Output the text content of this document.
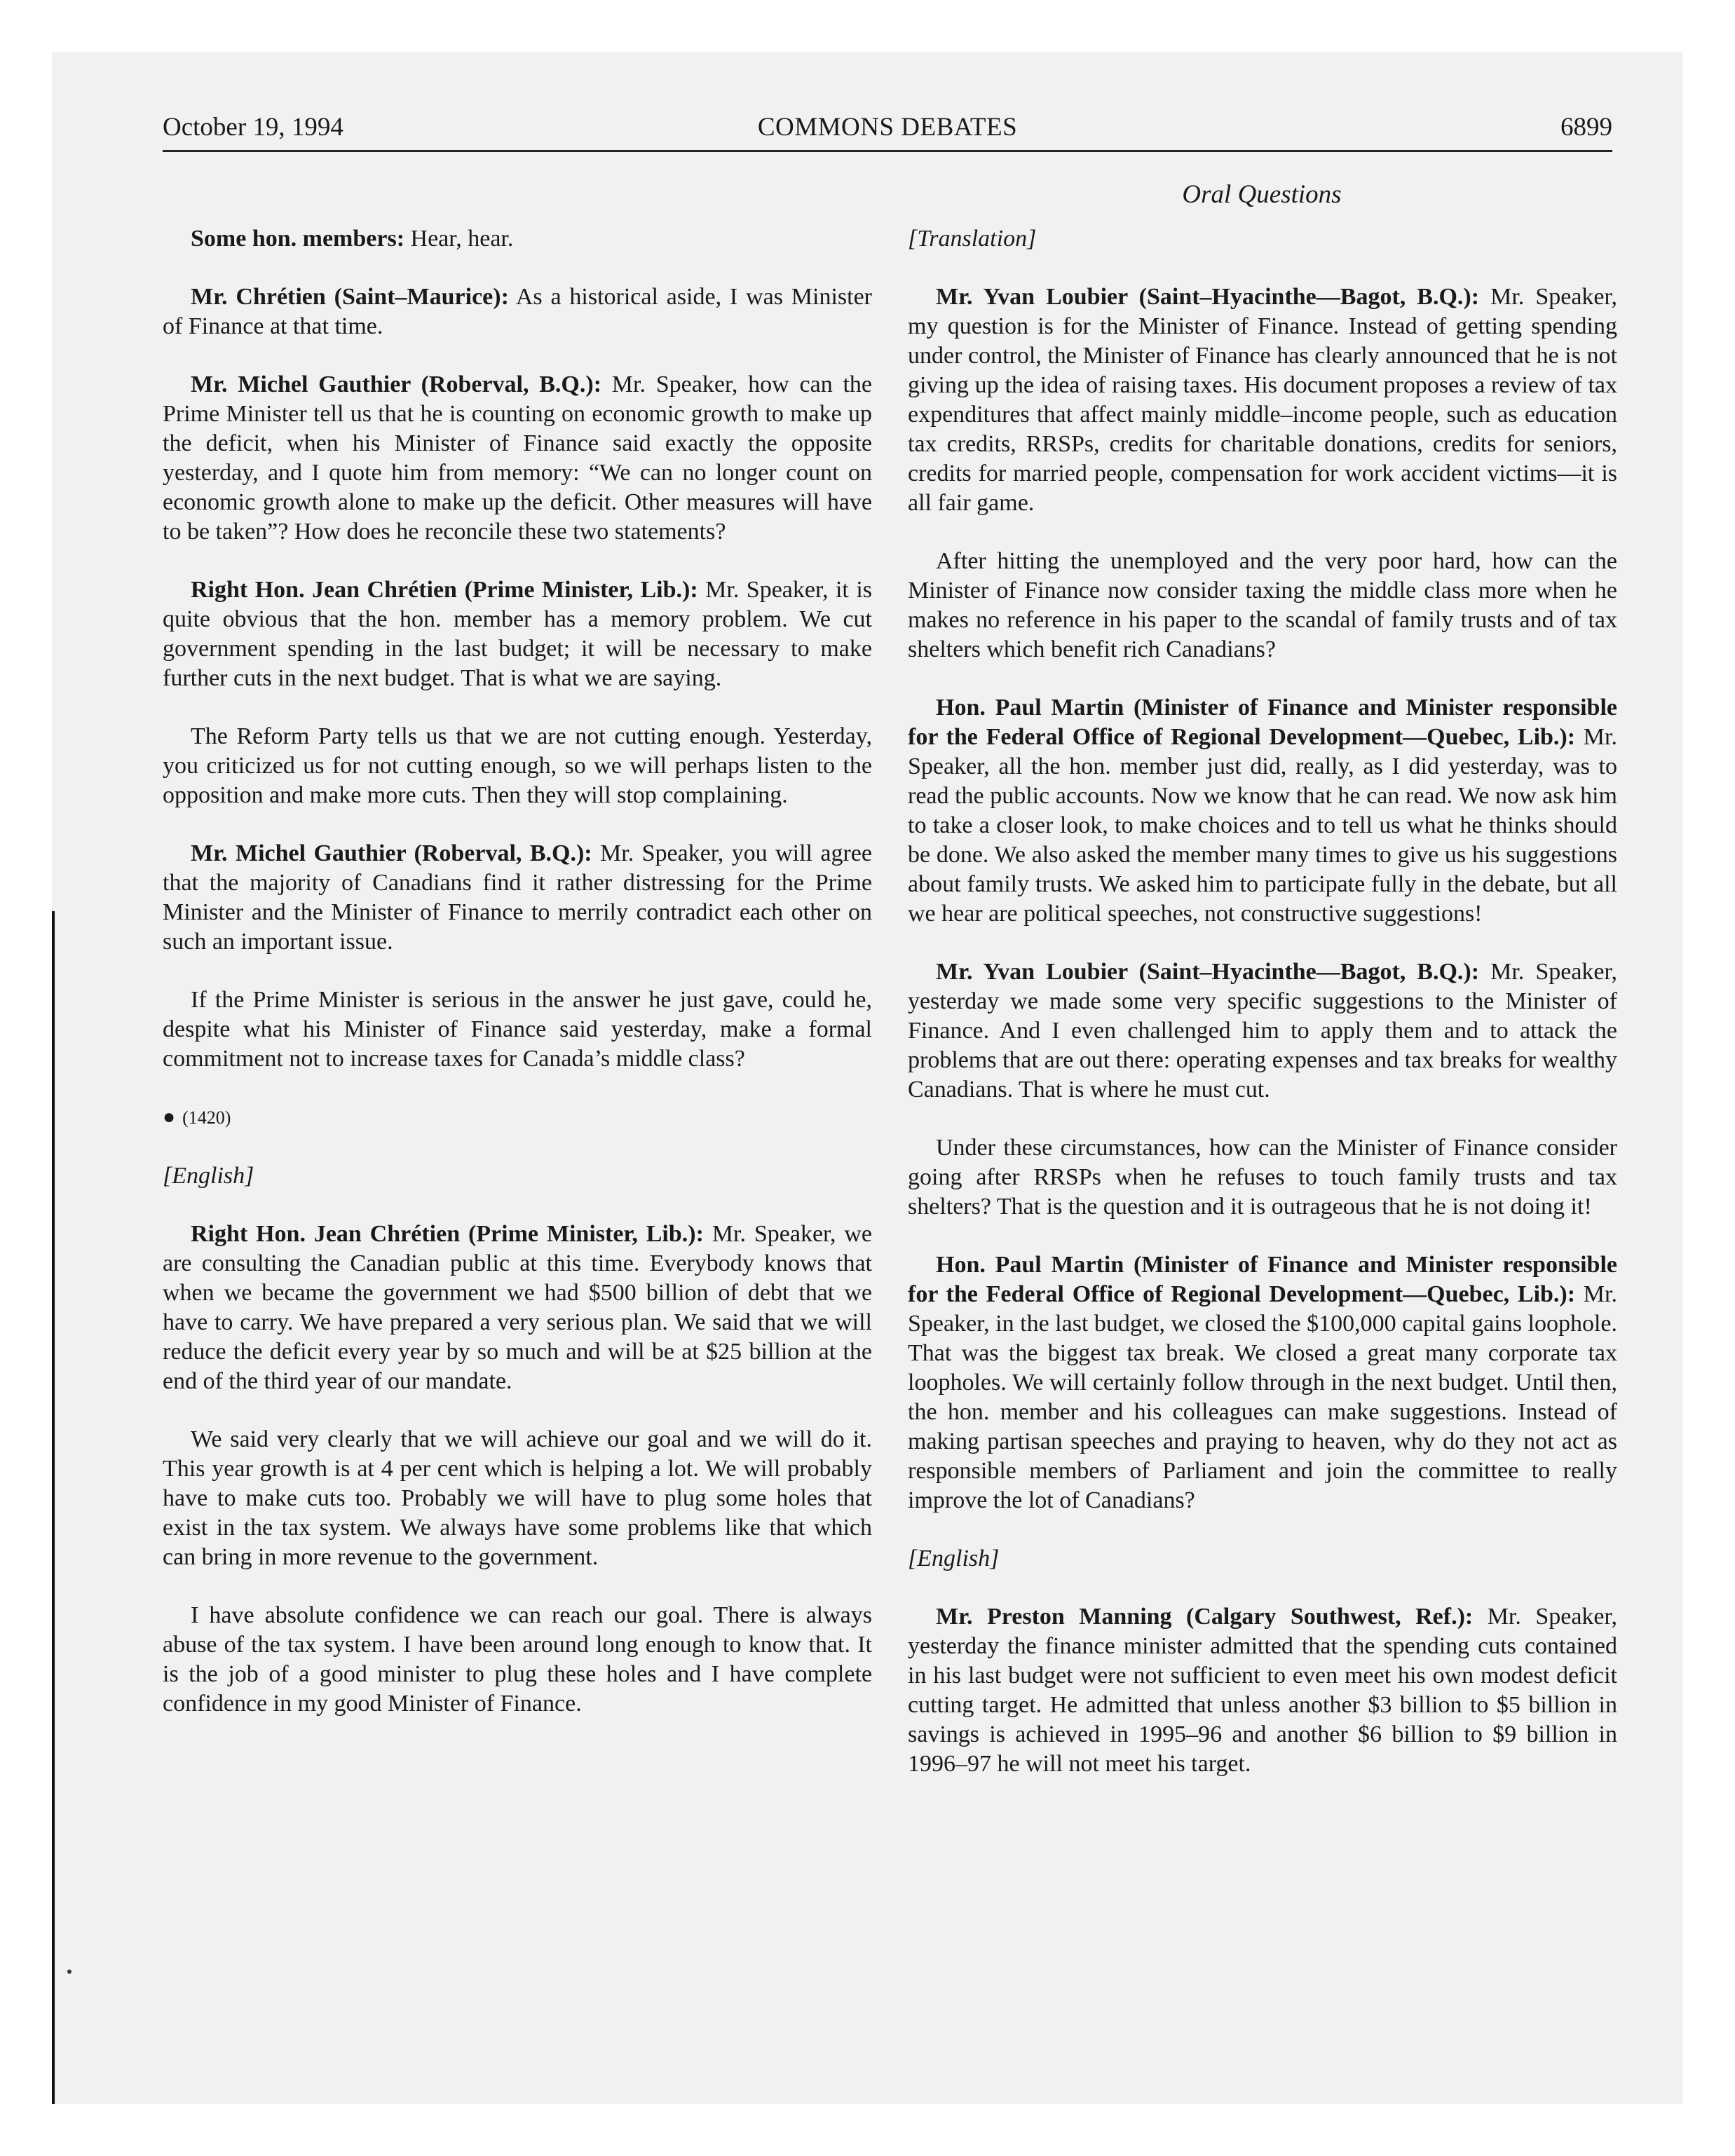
October 19, 1994	COMMONS DEBATES	6899
Oral Questions

Some hon. members: Hear, hear.

Mr. Chrétien (Saint–Maurice): As a historical aside, I was Minister of Finance at that time.

Mr. Michel Gauthier (Roberval, B.Q.): Mr. Speaker, how can the Prime Minister tell us that he is counting on economic growth to make up the deficit, when his Minister of Finance said exactly the opposite yesterday, and I quote him from memory: “We can no longer count on economic growth alone to make up the deficit. Other measures will have to be taken”? How does he reconcile these two statements?

Right Hon. Jean Chrétien (Prime Minister, Lib.): Mr. Speaker, it is quite obvious that the hon. member has a memory problem. We cut government spending in the last budget; it will be necessary to make further cuts in the next budget. That is what we are saying.

The Reform Party tells us that we are not cutting enough. Yesterday, you criticized us for not cutting enough, so we will perhaps listen to the opposition and make more cuts. Then they will stop complaining.

Mr. Michel Gauthier (Roberval, B.Q.): Mr. Speaker, you will agree that the majority of Canadians find it rather distressing for the Prime Minister and the Minister of Finance to merrily contradict each other on such an important issue.

If the Prime Minister is serious in the answer he just gave, could he, despite what his Minister of Finance said yesterday, make a formal commitment not to increase taxes for Canada’s middle class?

● (1420)
[English]

Right Hon. Jean Chrétien (Prime Minister, Lib.): Mr. Speaker, we are consulting the Canadian public at this time. Everybody knows that when we became the government we had $500 billion of debt that we have to carry. We have prepared a very serious plan. We said that we will reduce the deficit every year by so much and will be at $25 billion at the end of the third year of our mandate.

We said very clearly that we will achieve our goal and we will do it. This year growth is at 4 per cent which is helping a lot. We will probably have to make cuts too. Probably we will have to plug some holes that exist in the tax system. We always have some problems like that which can bring in more revenue to the government.

I have absolute confidence we can reach our goal. There is always abuse of the tax system. I have been around long enough to know that. It is the job of a good minister to plug these holes and I have complete confidence in my good Minister of Finance.

[Translation]

Mr. Yvan Loubier (Saint–Hyacinthe—Bagot, B.Q.): Mr. Speaker, my question is for the Minister of Finance. Instead of getting spending under control, the Minister of Finance has clearly announced that he is not giving up the idea of raising taxes. His document proposes a review of tax expenditures that affect mainly middle–income people, such as education tax credits, RRSPs, credits for charitable donations, credits for seniors, credits for married people, compensation for work accident victims—it is all fair game.

After hitting the unemployed and the very poor hard, how can the Minister of Finance now consider taxing the middle class more when he makes no reference in his paper to the scandal of family trusts and of tax shelters which benefit rich Canadians?

Hon. Paul Martin (Minister of Finance and Minister responsible for the Federal Office of Regional Development—Quebec, Lib.): Mr. Speaker, all the hon. member just did, really, as I did yesterday, was to read the public accounts. Now we know that he can read. We now ask him to take a closer look, to make choices and to tell us what he thinks should be done. We also asked the member many times to give us his suggestions about family trusts. We asked him to participate fully in the debate, but all we hear are political speeches, not constructive suggestions!

Mr. Yvan Loubier (Saint–Hyacinthe—Bagot, B.Q.): Mr. Speaker, yesterday we made some very specific suggestions to the Minister of Finance. And I even challenged him to apply them and to attack the problems that are out there: operating expenses and tax breaks for wealthy Canadians. That is where he must cut.

Under these circumstances, how can the Minister of Finance consider going after RRSPs when he refuses to touch family trusts and tax shelters? That is the question and it is outrageous that he is not doing it!

Hon. Paul Martin (Minister of Finance and Minister responsible for the Federal Office of Regional Development—Quebec, Lib.): Mr. Speaker, in the last budget, we closed the $100,000 capital gains loophole. That was the biggest tax break. We closed a great many corporate tax loopholes. We will certainly follow through in the next budget. Until then, the hon. member and his colleagues can make suggestions. Instead of making partisan speeches and praying to heaven, why do they not act as responsible members of Parliament and join the committee to really improve the lot of Canadians?

[English]

Mr. Preston Manning (Calgary Southwest, Ref.): Mr. Speaker, yesterday the finance minister admitted that the spending cuts contained in his last budget were not sufficient to even meet his own modest deficit cutting target. He admitted that unless another $3 billion to $5 billion in savings is achieved in 1995–96 and another $6 billion to $9 billion in 1996–97 he will not meet his target.
